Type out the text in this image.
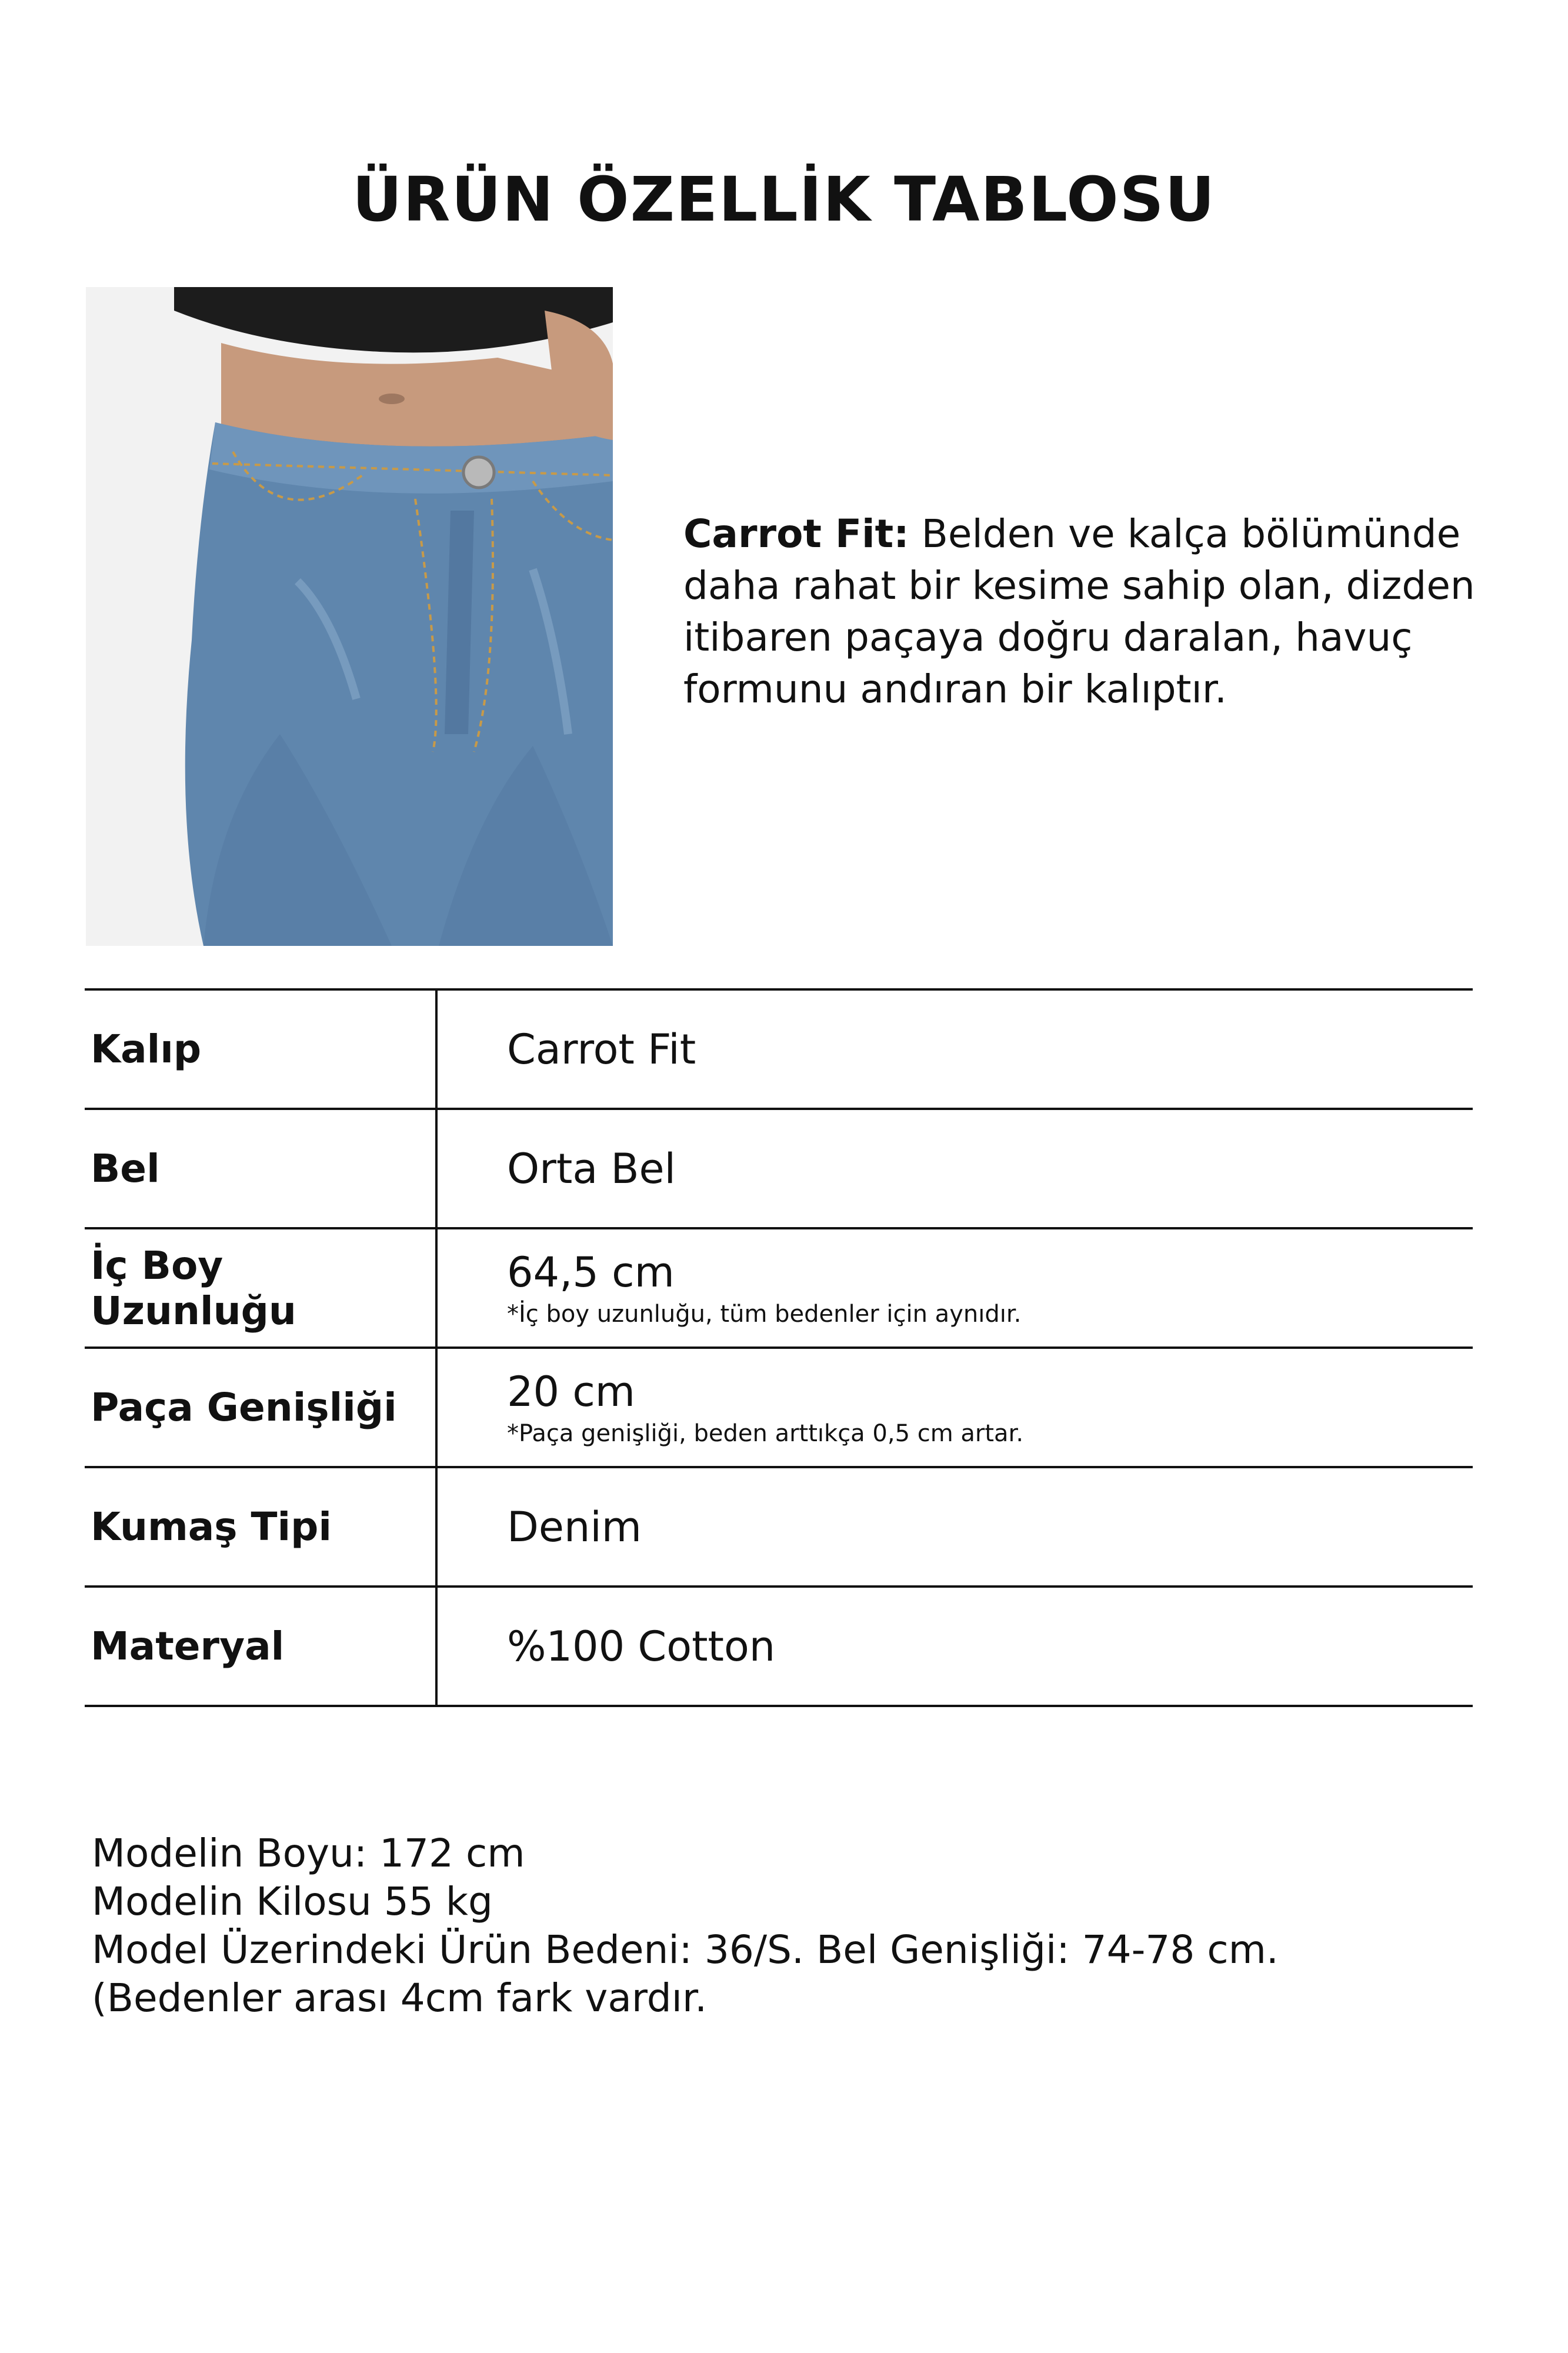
ÜRÜN ÖZELLİK TABLOSU

Carrot Fit: Belden ve kalça bölümünde daha rahat bir kesime sahip olan, dizden itibaren paçaya doğru daralan, havuç formunu andıran bir kalıptır.

Kalıp	Carrot Fit

Bel	Orta Bel

İç Boy Uzunluğu	64,5 cm
*İç boy uzunluğu, tüm bedenler için aynıdır.

Paça Genişliği	20 cm
*Paça genişliği, beden arttıkça 0,5 cm artar.

Kumaş Tipi	Denim

Materyal	%100 Cotton

Modelin Boyu: 172 cm
Modelin Kilosu 55 kg
Model Üzerindeki Ürün Bedeni: 36/S. Bel Genişliği: 74-78 cm. (Bedenler arası 4cm fark vardır.
